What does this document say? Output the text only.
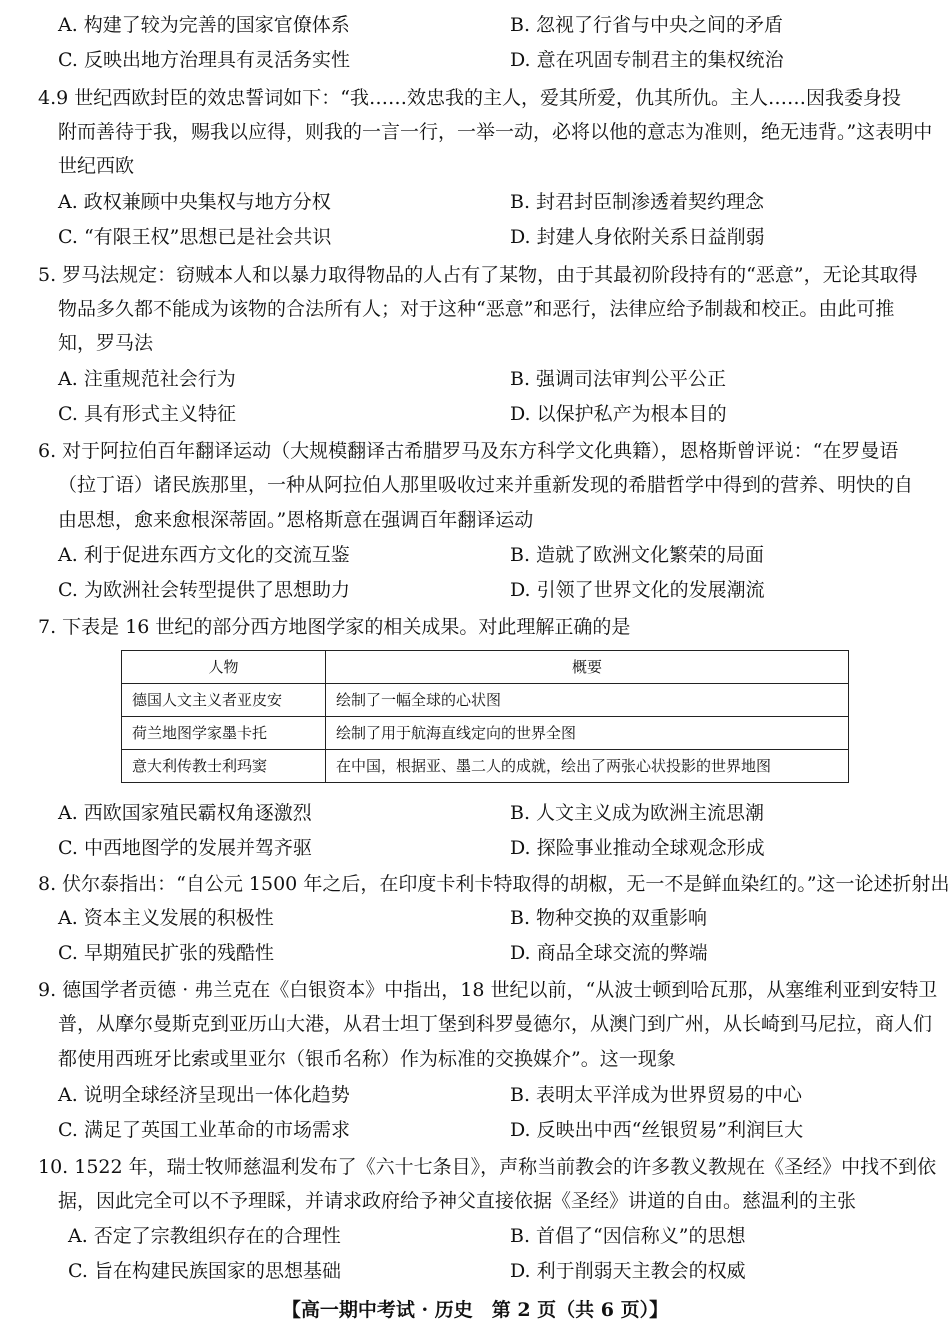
A. 构建了较为完善的国家官僚体系	B. 忽视了行省与中央之间的矛盾
C. 反映出地方治理具有灵活务实性	D. 意在巩固专制君主的集权统治
4.9 世纪西欧封臣的效忠誓词如下：“我……效忠我的主人，爱其所爱，仇其所仇。主人……因我委身投
附而善待于我，赐我以应得，则我的一言一行，一举一动，必将以他的意志为准则，绝无违背。”这表明中
世纪西欧
A. 政权兼顾中央集权与地方分权	B. 封君封臣制渗透着契约理念
C. “有限王权”思想已是社会共识	D. 封建人身依附关系日益削弱
5. 罗马法规定：窃贼本人和以暴力取得物品的人占有了某物，由于其最初阶段持有的“恶意”，无论其取得
物品多久都不能成为该物的合法所有人；对于这种“恶意”和恶行，法律应给予制裁和校正。由此可推
知，罗马法
A. 注重规范社会行为	B. 强调司法审判公平公正
C. 具有形式主义特征	D. 以保护私产为根本目的
6. 对于阿拉伯百年翻译运动（大规模翻译古希腊罗马及东方科学文化典籍），恩格斯曾评说：“在罗曼语
（拉丁语）诸民族那里，一种从阿拉伯人那里吸收过来并重新发现的希腊哲学中得到的营养、明快的自
由思想，愈来愈根深蒂固。”恩格斯意在强调百年翻译运动
A. 利于促进东西方文化的交流互鉴	B. 造就了欧洲文化繁荣的局面
C. 为欧洲社会转型提供了思想助力	D. 引领了世界文化的发展潮流
7. 下表是 16 世纪的部分西方地图学家的相关成果。对此理解正确的是
人物	概要
德国人文主义者亚皮安	绘制了一幅全球的心状图
荷兰地图学家墨卡托	绘制了用于航海直线定向的世界全图
意大利传教士利玛窦	在中国，根据亚、墨二人的成就，绘出了两张心状投影的世界地图
A. 西欧国家殖民霸权角逐激烈	B. 人文主义成为欧洲主流思潮
C. 中西地图学的发展并驾齐驱	D. 探险事业推动全球观念形成
8. 伏尔泰指出：“自公元 1500 年之后，在印度卡利卡特取得的胡椒，无一不是鲜血染红的。”这一论述折射出
A. 资本主义发展的积极性	B. 物种交换的双重影响
C. 早期殖民扩张的残酷性	D. 商品全球交流的弊端
9. 德国学者贡德 · 弗兰克在《白银资本》中指出，18 世纪以前，“从波士顿到哈瓦那，从塞维利亚到安特卫
普，从摩尔曼斯克到亚历山大港，从君士坦丁堡到科罗曼德尔，从澳门到广州，从长崎到马尼拉，商人们
都使用西班牙比索或里亚尔（银币名称）作为标准的交换媒介”。这一现象
A. 说明全球经济呈现出一体化趋势	B. 表明太平洋成为世界贸易的中心
C. 满足了英国工业革命的市场需求	D. 反映出中西“丝银贸易”利润巨大
10. 1522 年，瑞士牧师慈温利发布了《六十七条目》，声称当前教会的许多教义教规在《圣经》中找不到依
据，因此完全可以不予理睬，并请求政府给予神父直接依据《圣经》讲道的自由。慈温利的主张
A. 否定了宗教组织存在的合理性	B. 首倡了“因信称义”的思想
C. 旨在构建民族国家的思想基础	D. 利于削弱天主教会的权威
【高一期中考试 · 历史　第 2 页（共 6 页）】
